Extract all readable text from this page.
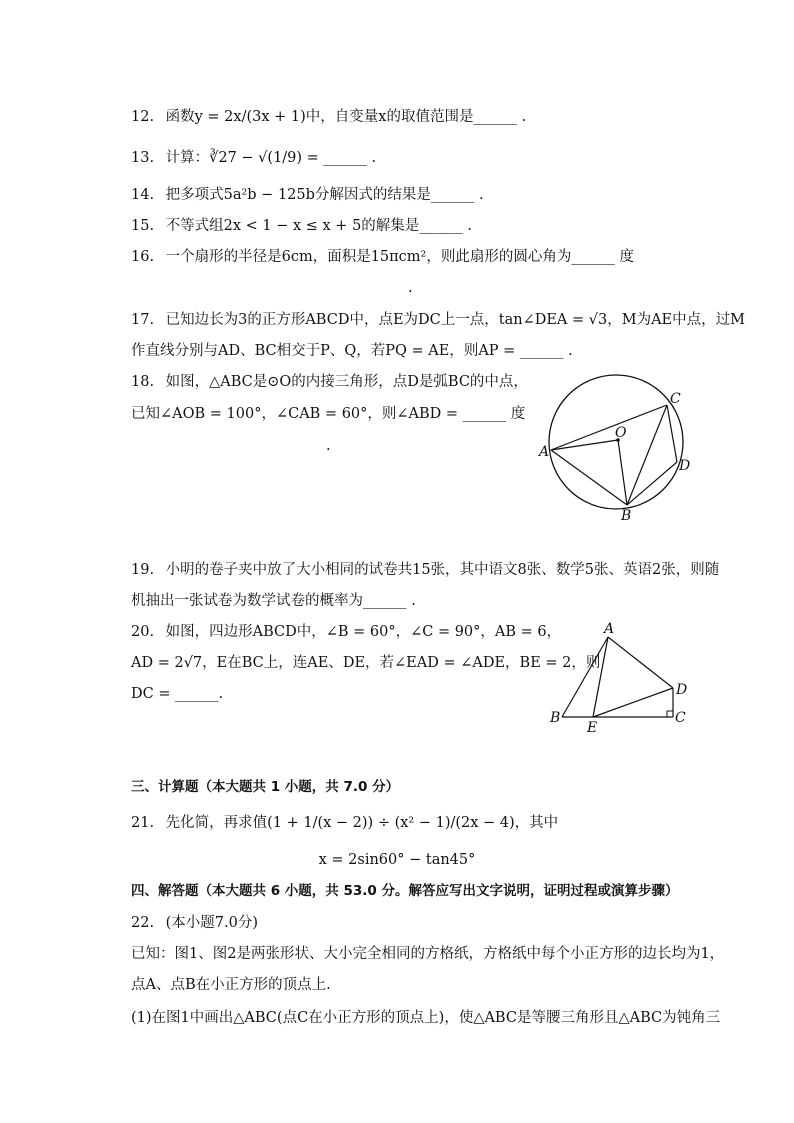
12. 函数y = 2x/(3x + 1)中，自变量x的取值范围是______ .
13. 计算：∛27 − √(1/9) = ______ .
14. 把多项式5a²b − 125b分解因式的结果是______ .
15. 不等式组2x < 1 − x ≤ x + 5的解集是______ .
16. 一个扇形的半径是6cm，面积是15πcm²，则此扇形的圆心角为______ 度
.
17. 已知边长为3的正方形ABCD中，点E为DC上一点，tan∠DEA = √3，M为AE中点，过M
作直线分别与AD、BC相交于P、Q，若PQ = AE，则AP = ______ .
18. 如图，△ABC是⊙O的内接三角形，点D是弧BC的中点，
已知∠AOB = 100°，∠CAB = 60°，则∠ABD = ______ 度
.	A
B
C
D
O
19. 小明的卷子夹中放了大小相同的试卷共15张，其中语文8张、数学5张、英语2张，则随
机抽出一张试卷为数学试卷的概率为______ .
20. 如图，四边形ABCD中，∠B = 60°，∠C = 90°，AB = 6，
AD = 2√7，E在BC上，连AE、DE，若∠EAD = ∠ADE，BE = 2，则
DC = ______.
A
B	C
D
E
三、计算题（本大题共 1 小题，共 7.0 分）
21. 先化简，再求值(1 + 1/(x − 2)) ÷ (x² − 1)/(2x − 4)，其中
x = 2sin60° − tan45°
四、解答题（本大题共 6 小题，共 53.0 分。解答应写出文字说明，证明过程或演算步骤）
22. (本小题7.0分)
已知：图1、图2是两张形状、大小完全相同的方格纸，方格纸中每个小正方形的边长均为1，
点A、点B在小正方形的顶点上.
(1)在图1中画出△ABC(点C在小正方形的顶点上)，使△ABC是等腰三角形且△ABC为钝角三
